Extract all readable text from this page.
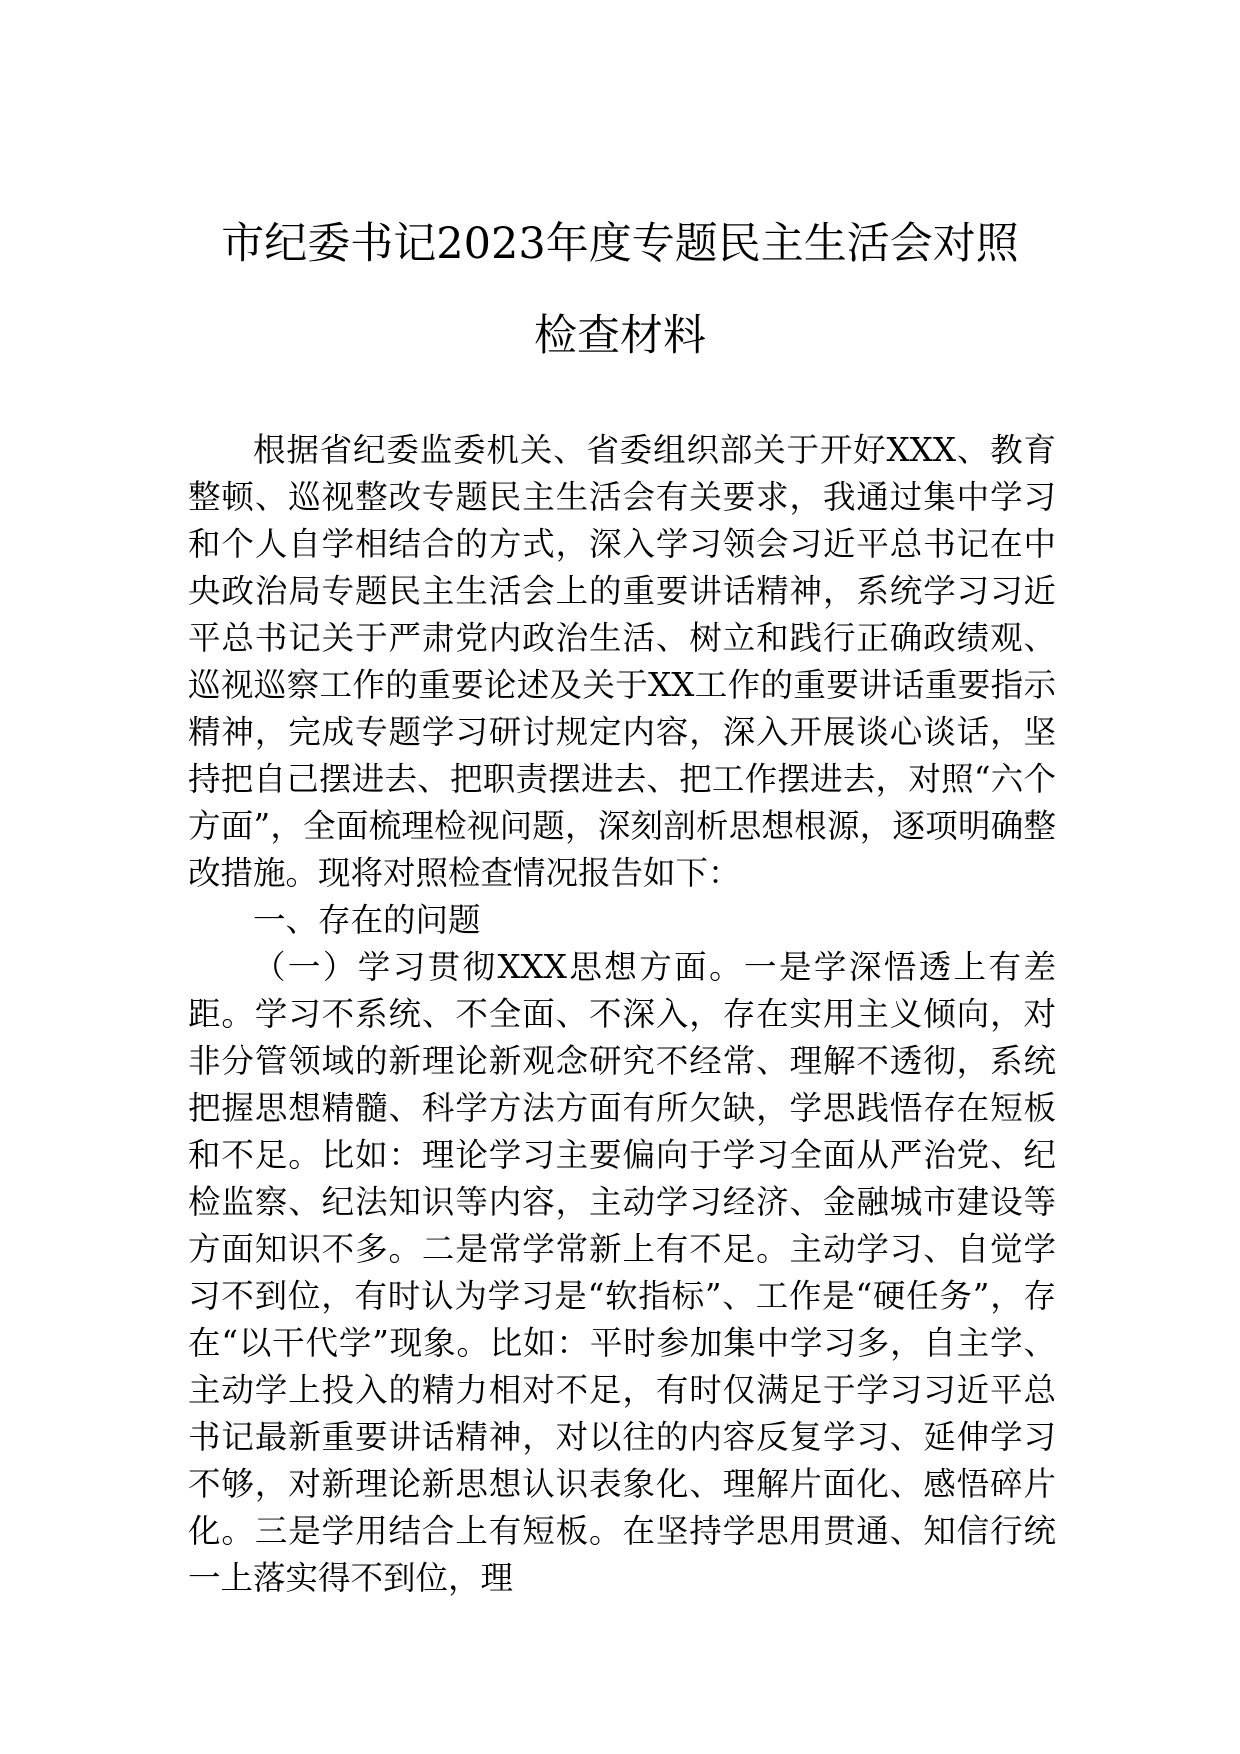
市纪委书记2023年度专题民主生活会对照
检查材料

根据省纪委监委机关、省委组织部关于开好XXX、教育整顿、巡视整改专题民主生活会有关要求，我通过集中学习和个人自学相结合的方式，深入学习领会习近平总书记在中央政治局专题民主生活会上的重要讲话精神，系统学习习近平总书记关于严肃党内政治生活、树立和践行正确政绩观、巡视巡察工作的重要论述及关于XX工作的重要讲话重要指示精神，完成专题学习研讨规定内容，深入开展谈心谈话，坚持把自己摆进去、把职责摆进去、把工作摆进去，对照“六个方面”，全面梳理检视问题，深刻剖析思想根源，逐项明确整改措施。现将对照检查情况报告如下：

一、存在的问题

（一）学习贯彻XXX思想方面。一是学深悟透上有差距。学习不系统、不全面、不深入，存在实用主义倾向，对非分管领域的新理论新观念研究不经常、理解不透彻，系统把握思想精髓、科学方法方面有所欠缺，学思践悟存在短板和不足。比如：理论学习主要偏向于学习全面从严治党、纪检监察、纪法知识等内容，主动学习经济、金融城市建设等方面知识不多。二是常学常新上有不足。主动学习、自觉学习不到位，有时认为学习是“软指标”、工作是“硬任务”，存在“以干代学”现象。比如：平时参加集中学习多，自主学、主动学上投入的精力相对不足，有时仅满足于学习习近平总书记最新重要讲话精神，对以往的内容反复学习、延伸学习不够，对新理论新思想认识表象化、理解片面化、感悟碎片化。三是学用结合上有短板。在坚持学思用贯通、知信行统一上落实得不到位，理
